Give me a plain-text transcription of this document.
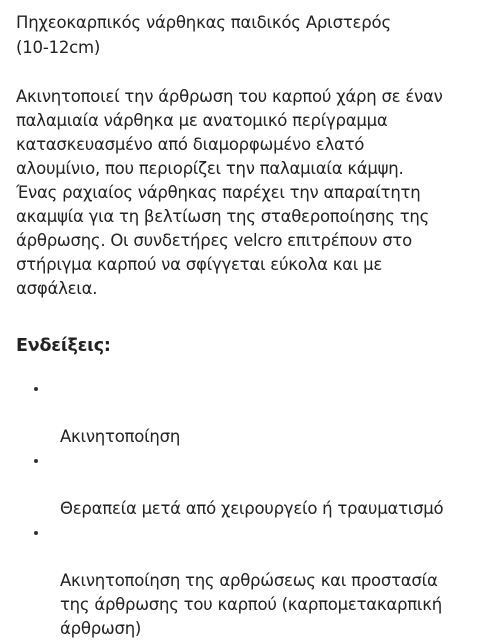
Πηχεοκαρπικός νάρθηκας παιδικός Αριστερός
(10-12cm)
Ακινητοποιεί την άρθρωση του καρπού χάρη σε έναν
παλαμιαία νάρθηκα με ανατομικό περίγραμμα
κατασκευασμένο από διαμορφωμένο ελατό
αλουμίνιο, που περιορίζει την παλαμιαία κάμψη.
Ένας ραχιαίος νάρθηκας παρέχει την απαραίτητη
ακαμψία για τη βελτίωση της σταθεροποίησης της
άρθρωσης. Οι συνδετήρες velcro επιτρέπουν στο
στήριγμα καρπού να σφίγγεται εύκολα και με
ασφάλεια.
Ενδείξεις:

Ακινητοποίηση

Θεραπεία μετά από χειρουργείο ή τραυματισμό

Ακινητοποίηση της αρθρώσεως και προστασία
της άρθρωσης του καρπού (καρπομετακαρπική
άρθρωση)
